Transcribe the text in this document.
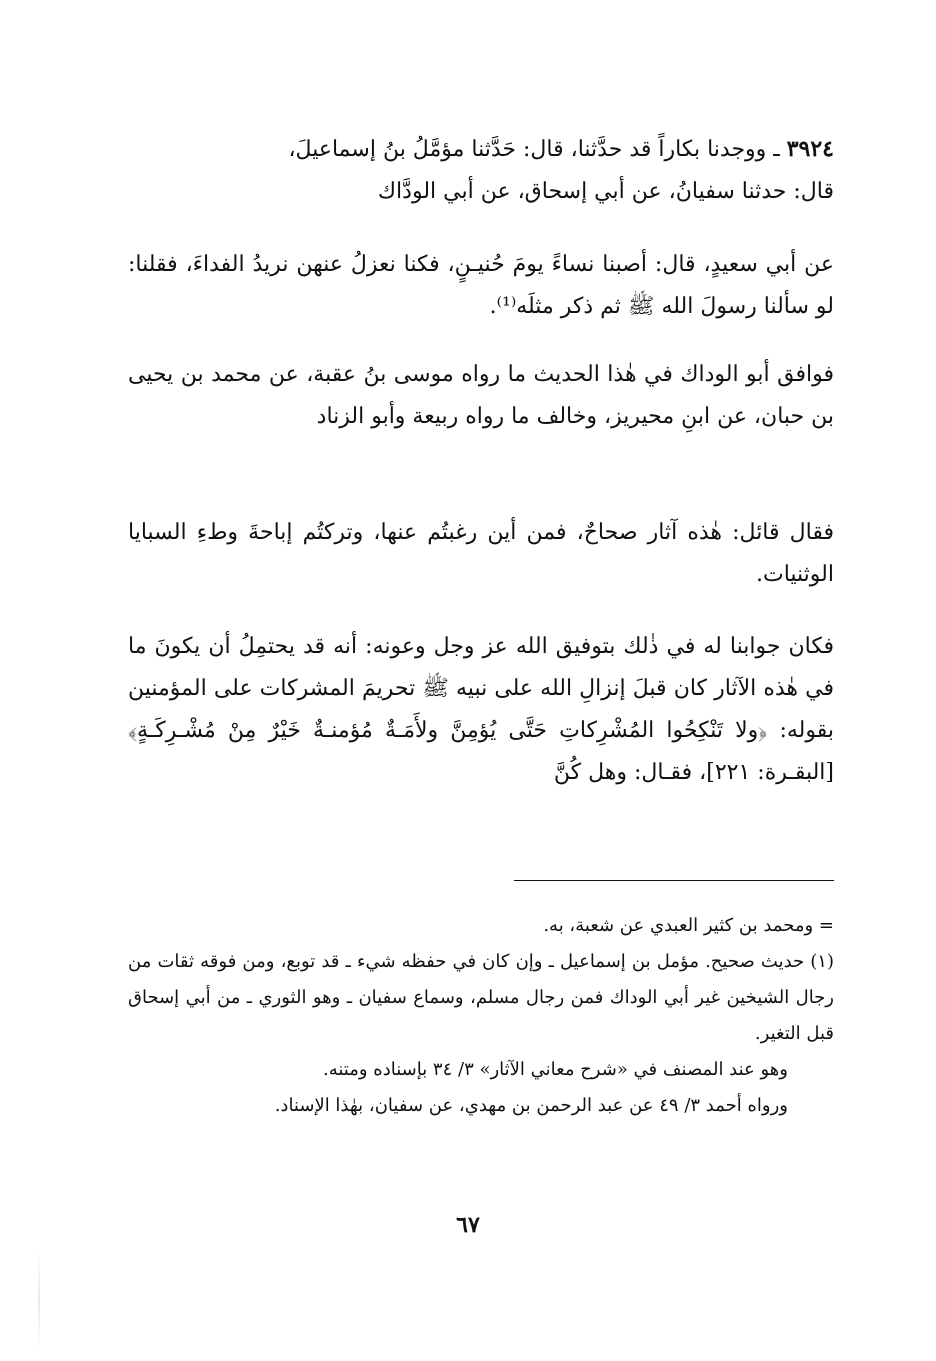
٣٩٢٤ ـ ووجدنا بكاراً قد حدَّثنا، قال: حَدَّثنا مؤمَّلُ بنُ إسماعيلَ،

قال: حدثنا سفيانُ، عن أبي إسحاق، عن أبي الودَّاك

عن أبي سعيدٍ، قال: أصبنا نساءً يومَ حُنيـنٍ، فكنا نعزلُ عنهن نريدُ الفداءَ، فقلنا: لو سألنا رسولَ الله ﷺ ثم ذكر مثلَه⁽¹⁾.

فوافق أبو الوداك في هٰذا الحديث ما رواه موسى بنُ عقبة، عن محمد بن يحيى بن حبان، عن ابنِ محيريز، وخالف ما رواه ربيعة وأبو الزناد

فقال قائل: هٰذه آثار صحاحٌ، فمن أين رغبتُم عنها، وتركتُم إباحةَ وطءِ السبايا الوثنيات.

فكان جوابنا له في ذٰلك بتوفيق الله عز وجل وعونه: أنه قد يحتمِلُ أن يكونَ ما في هٰذه الآثار كان قبلَ إنزالِ الله على نبيه ﷺ تحريمَ المشركات على المؤمنين بقوله: ﴿ولا تَنْكِحُوا المُشْرِكاتِ حَتَّى يُؤمِنَّ ولأَمَـةٌ مُؤمنـةٌ خَيْرٌ مِنْ مُشْـرِكَـةٍ﴾ [البقـرة: ٢٢١]، فقـال: وهل كُنَّ

= ومحمد بن كثير العبدي عن شعبة، به.

(١) حديث صحيح. مؤمل بن إسماعيل ـ وإن كان في حفظه شيء ـ قد توبع، ومن فوقه ثقات من رجال الشيخين غير أبي الوداك فمن رجال مسلم، وسماع سفيان ـ وهو الثوري ـ من أبي إسحاق قبل التغير.

وهو عند المصنف في «شرح معاني الآثار» ٣/ ٣٤ بإسناده ومتنه.

ورواه أحمد ٣/ ٤٩ عن عبد الرحمن بن مهدي، عن سفيان، بهٰذا الإسناد.

٦٧
